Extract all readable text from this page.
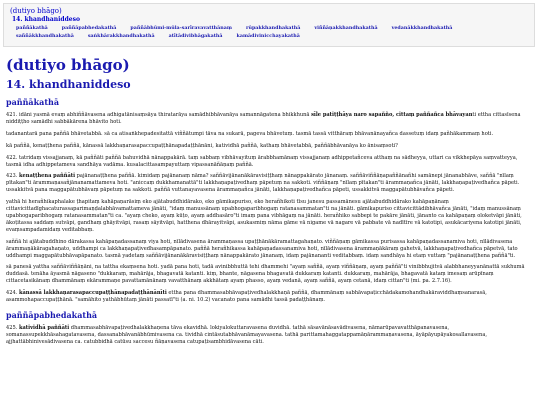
(dutiyo bhāgo)
14. khandhaniddeso
paññākathā	paññāpabhedakathā	paññābhūmi-mūla-sarīravavatthānaṃ	rūpakkhandhakathā	viññāṇakkhandhakathā	vedanākkhandhakathā
saññākkhandhakathā	saṅkhārakkhandhakathā	atītādivibhāgakathā	kamādivinicchayakathā
(dutiyo bhāgo)
14. khandhaniddeso
paññākathā

421. idāni yasmā evaṃ abhiññāvasena adhigatānisaṃsāya thiratarāya samādhibhāvanāya samannāgatena bhikkhunā sīle patiṭṭhāya naro sapañño, cittaṃ paññañca bhāvayanti ettha cittasīsena niddiṭṭho samādhi sabbākārena bhāvito hoti.

tadanantarā pana paññā bhāvetabbā. sā ca atisaṅkhepadesitattā viññātumpi tāva na sukarā, pageva bhāvetuṃ. tasmā tassā vitthāraṃ bhāvanānayañca dassetuṃ idaṃ pañhākammaṃ hoti.

kā paññā, kenaṭṭhena paññā, kānassā lakkhaṇarasapaccupaṭṭhānapadaṭṭhānāni, katividhā paññā, kathaṃ bhāvetabbā, paññābhāvanāya ko ānisaṃsoti?

422. tatridaṃ vissajjanaṃ, kā paññāti paññā bahuvidhā nānappakārā. taṃ sabbaṃ vibhāvayituṃ ārabbhamānaṃ vissajjanaṃ adhippetañceva atthaṃ na sādheyya, uttari ca vikkhepāya saṃvatteyya, tasmā idha adhippetameva sandhāya vadāma. kusalacittasampayuttaṃ vipassanāñāṇaṃ paññā.

423. kenaṭṭhena paññāti pajānanaṭṭhena paññā. kimidaṃ pajānanaṃ nāma? saññāvijānanākāravisiṭṭhaṃ nānappakārato jānanaṃ. saññāviññāṇapaññānañhi samānepi jānanabhāve, saññā "nīlaṃ pītakan"ti ārammaṇasañjānanamattameva hoti. "aniccaṃ dukkhamanattā"ti lakkhaṇapaṭivedhaṃ pāpetuṃ na sakkoti. viññāṇaṃ "nīlaṃ pītakan"ti ārammaṇañca jānāti, lakkhaṇapaṭivedhañca pāpeti. ussakkitvā pana maggapātubhāvaṃ pāpetuṃ na sakkoti. paññā vuttanayavasena ārammaṇañca jānāti, lakkhaṇapaṭivedhañca pāpeti, ussakkitvā maggapātubhāvañca pāpeti.

yathā hi herañhikaphalake ṭhapitaṃ kahāpaṇarāsiṃ eko ajātabuddhidārako, eko gāmikapuriso, eko herañhikoti tīsu janesu passamānesu ajātabuddhidārako kahāpaṇānaṃ cittavicittadīghacaturassaparimaṇḍalabhāvamattameva jānāti, "idaṃ manussānaṃ upabhogaparibhogaṃ ratanasammatan"ti na jānāti. gāmikapuriso cittavicittādibhāvañca jānāti, "idaṃ manussānaṃ upabhogaparibhogaṃ ratanasammatan"ti ca. "ayaṃ cheko, ayaṃ kūṭo, ayaṃ addhasāro"ti imaṃ pana vibhāgaṃ na jānāti. herañhiko sabbepi te pakāre jānāti, jānanto ca kahāpaṇaṃ oloketvāpi jānāti, ākoṭitassa saddaṃ sutvāpi, gandhaṃ ghāyitvāpi, rasaṃ sāyitvāpi, hatthena dhārayitvāpi, asukasmiṃ nāma gāme vā nigame vā nagare vā pabbate vā nadītīre vā katotipi, asukācariyena katotipi jānāti, evaṃsampadamidaṃ veditabbaṃ.

saññā hi ajātabuddhino dārakassa kahāpaṇadassanaṃ viya hoti, nīlādivasena ārammaṇassa upaṭṭhānākāramattagahaṇato. viññāṇaṃ gāmikassa purisassa kahāpaṇadassanamiva hoti, nīlādivasena ārammaṇākāragahaṇato, uddhampi ca lakkhaṇapaṭivedhasampāpanato. paññā herañhikassa kahāpaṇadassanamiva hoti, nīlādivasena ārammaṇākāraṃ gahetvā, lakkhaṇapaṭivedhañca pāpetvā, tato uddhampi maggapātubhāvapāpanato. tasmā yadetaṃ saññāvijānanākāravisiṭṭhaṃ nānappakārato jānanaṃ, idaṃ pajānananti veditabbaṃ. idaṃ sandhāya hi etaṃ vuttaṃ "pajānanaṭṭhena paññā"ti.

sā panesā yattha saññāviññāṇāni, na tattha ekaṃsena hoti. yadā pana hoti, tadā avinibbhuttā tehi dhammehi "ayaṃ saññā, ayaṃ viññāṇaṃ, ayaṃ paññā"ti vinibbhujitvā alabbhaneyyanānattā sukhumā duddasā. tenāha āyasmā nāgaseno "dukkaraṃ, mahārāja, bhagavatā katanti. kiṃ, bhante, nāgasena bhagavatā dukkaraṃ katanti. dukkaraṃ, mahārāja, bhagavatā kataṃ imesaṃ arūpīnaṃ cittacetasikānaṃ dhammānaṃ ekārammaṇe pavattamānānaṃ vavatthānaṃ akkhātaṃ ayaṃ phasso, ayaṃ vedanā, ayaṃ saññā, ayaṃ cetanā, idaṃ cittan"ti (mi. pa. 2.7.16).

424. kānassā lakkhaṇarasapaccupaṭṭhānapadaṭṭhānānīti ettha pana dhammasabhāvapaṭivedhalakkhaṇā paññā, dhammānaṃ sabhāvapaṭicchādakamohandhakāraviddhaṃsanarasā, asammohapaccupaṭṭhānā. "samāhito yathābhūtaṃ jānāti passatī"ti (a. ni. 10.2) vacanato pana samādhi tassā padaṭṭhānaṃ.

paññāpabhedakathā

425. katividhā paññāti dhammasabhāvapaṭivedhalakkhaṇena tāva ekavidhā. lokiyalokuttaravasena duvidhā. tathā sāsavānāsavādivasena, nāmarūpavavatthāpanavasena, somanassupekkhāsahagatavasena, dassanabhāvanābhūmivasena ca. tividhā cintāsutabhāvanāmayavasena. tathā parittamahaggatappamāṇārammaṇavasena, āyāpāyupāyakosallavasena, ajjhattābhinivesādivasena ca. catubbidhā catūsu saccesu ñāṇavasena catupaṭisambhidāvasena cāti.
